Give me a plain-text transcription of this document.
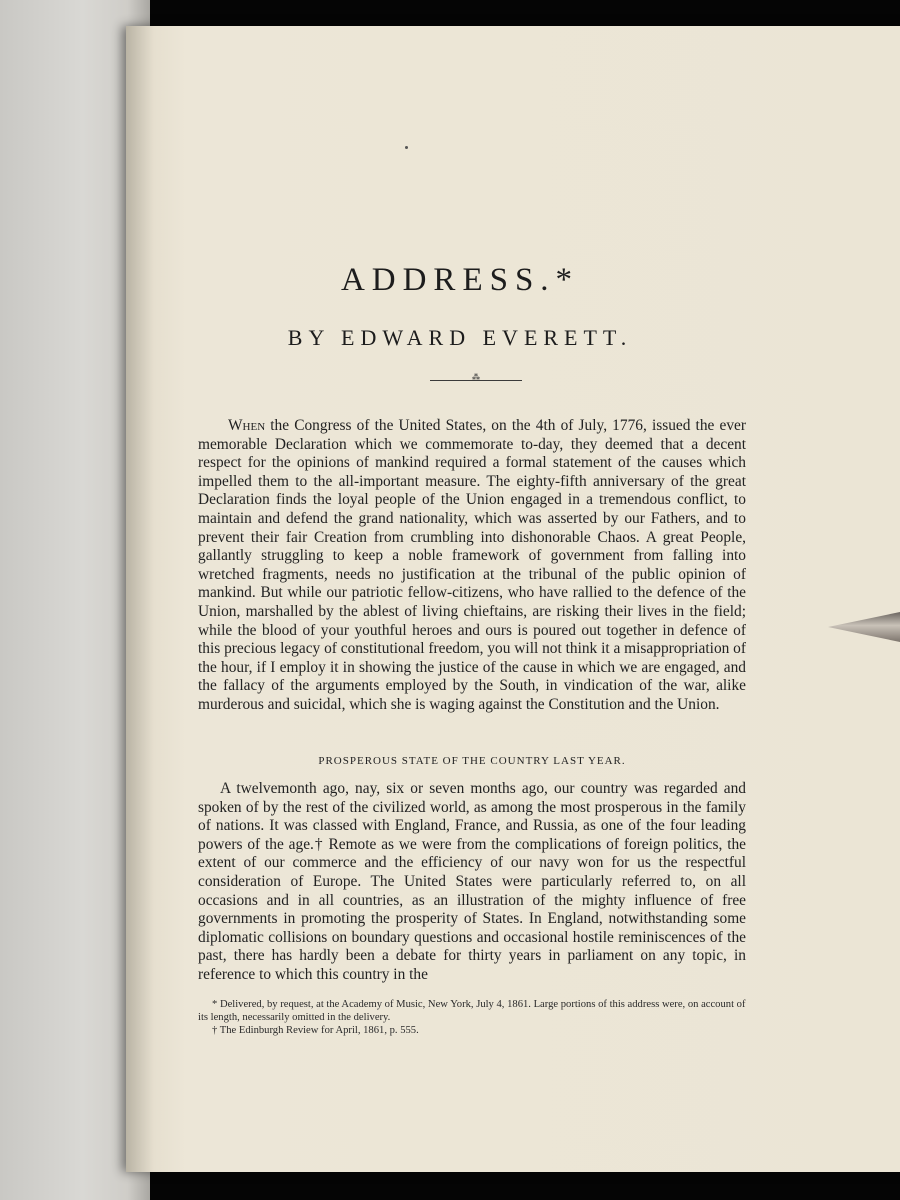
ADDRESS.*
BY EDWARD EVERETT.
⁂
When the Congress of the United States, on the 4th of July, 1776, issued the ever memorable Declaration which we commemorate to-day, they deemed that a decent respect for the opinions of mankind required a formal statement of the causes which impelled them to the all-important measure. The eighty-fifth anniversary of the great Declaration finds the loyal people of the Union engaged in a tremendous conflict, to maintain and defend the grand nationality, which was asserted by our Fathers, and to prevent their fair Creation from crumbling into dishonorable Chaos. A great People, gallantly struggling to keep a noble framework of government from falling into wretched fragments, needs no justification at the tribunal of the public opinion of mankind. But while our patriotic fellow-citizens, who have rallied to the defence of the Union, marshalled by the ablest of living chieftains, are risking their lives in the field; while the blood of your youthful heroes and ours is poured out together in defence of this precious legacy of constitutional freedom, you will not think it a misappropriation of the hour, if I employ it in showing the justice of the cause in which we are engaged, and the fallacy of the arguments employed by the South, in vindication of the war, alike murderous and suicidal, which she is waging against the Constitution and the Union.
PROSPEROUS STATE OF THE COUNTRY LAST YEAR.
A twelvemonth ago, nay, six or seven months ago, our country was regarded and spoken of by the rest of the civilized world, as among the most prosperous in the family of nations. It was classed with England, France, and Russia, as one of the four leading powers of the age.† Remote as we were from the complications of foreign politics, the extent of our commerce and the efficiency of our navy won for us the respectful consideration of Europe. The United States were particularly referred to, on all occasions and in all countries, as an illustration of the mighty influence of free governments in promoting the prosperity of States. In England, notwithstanding some diplomatic collisions on boundary questions and occasional hostile reminiscences of the past, there has hardly been a debate for thirty years in parliament on any topic, in reference to which this country in the
* Delivered, by request, at the Academy of Music, New York, July 4, 1861. Large portions of this address were, on account of its length, necessarily omitted in the delivery.
† The Edinburgh Review for April, 1861, p. 555.
